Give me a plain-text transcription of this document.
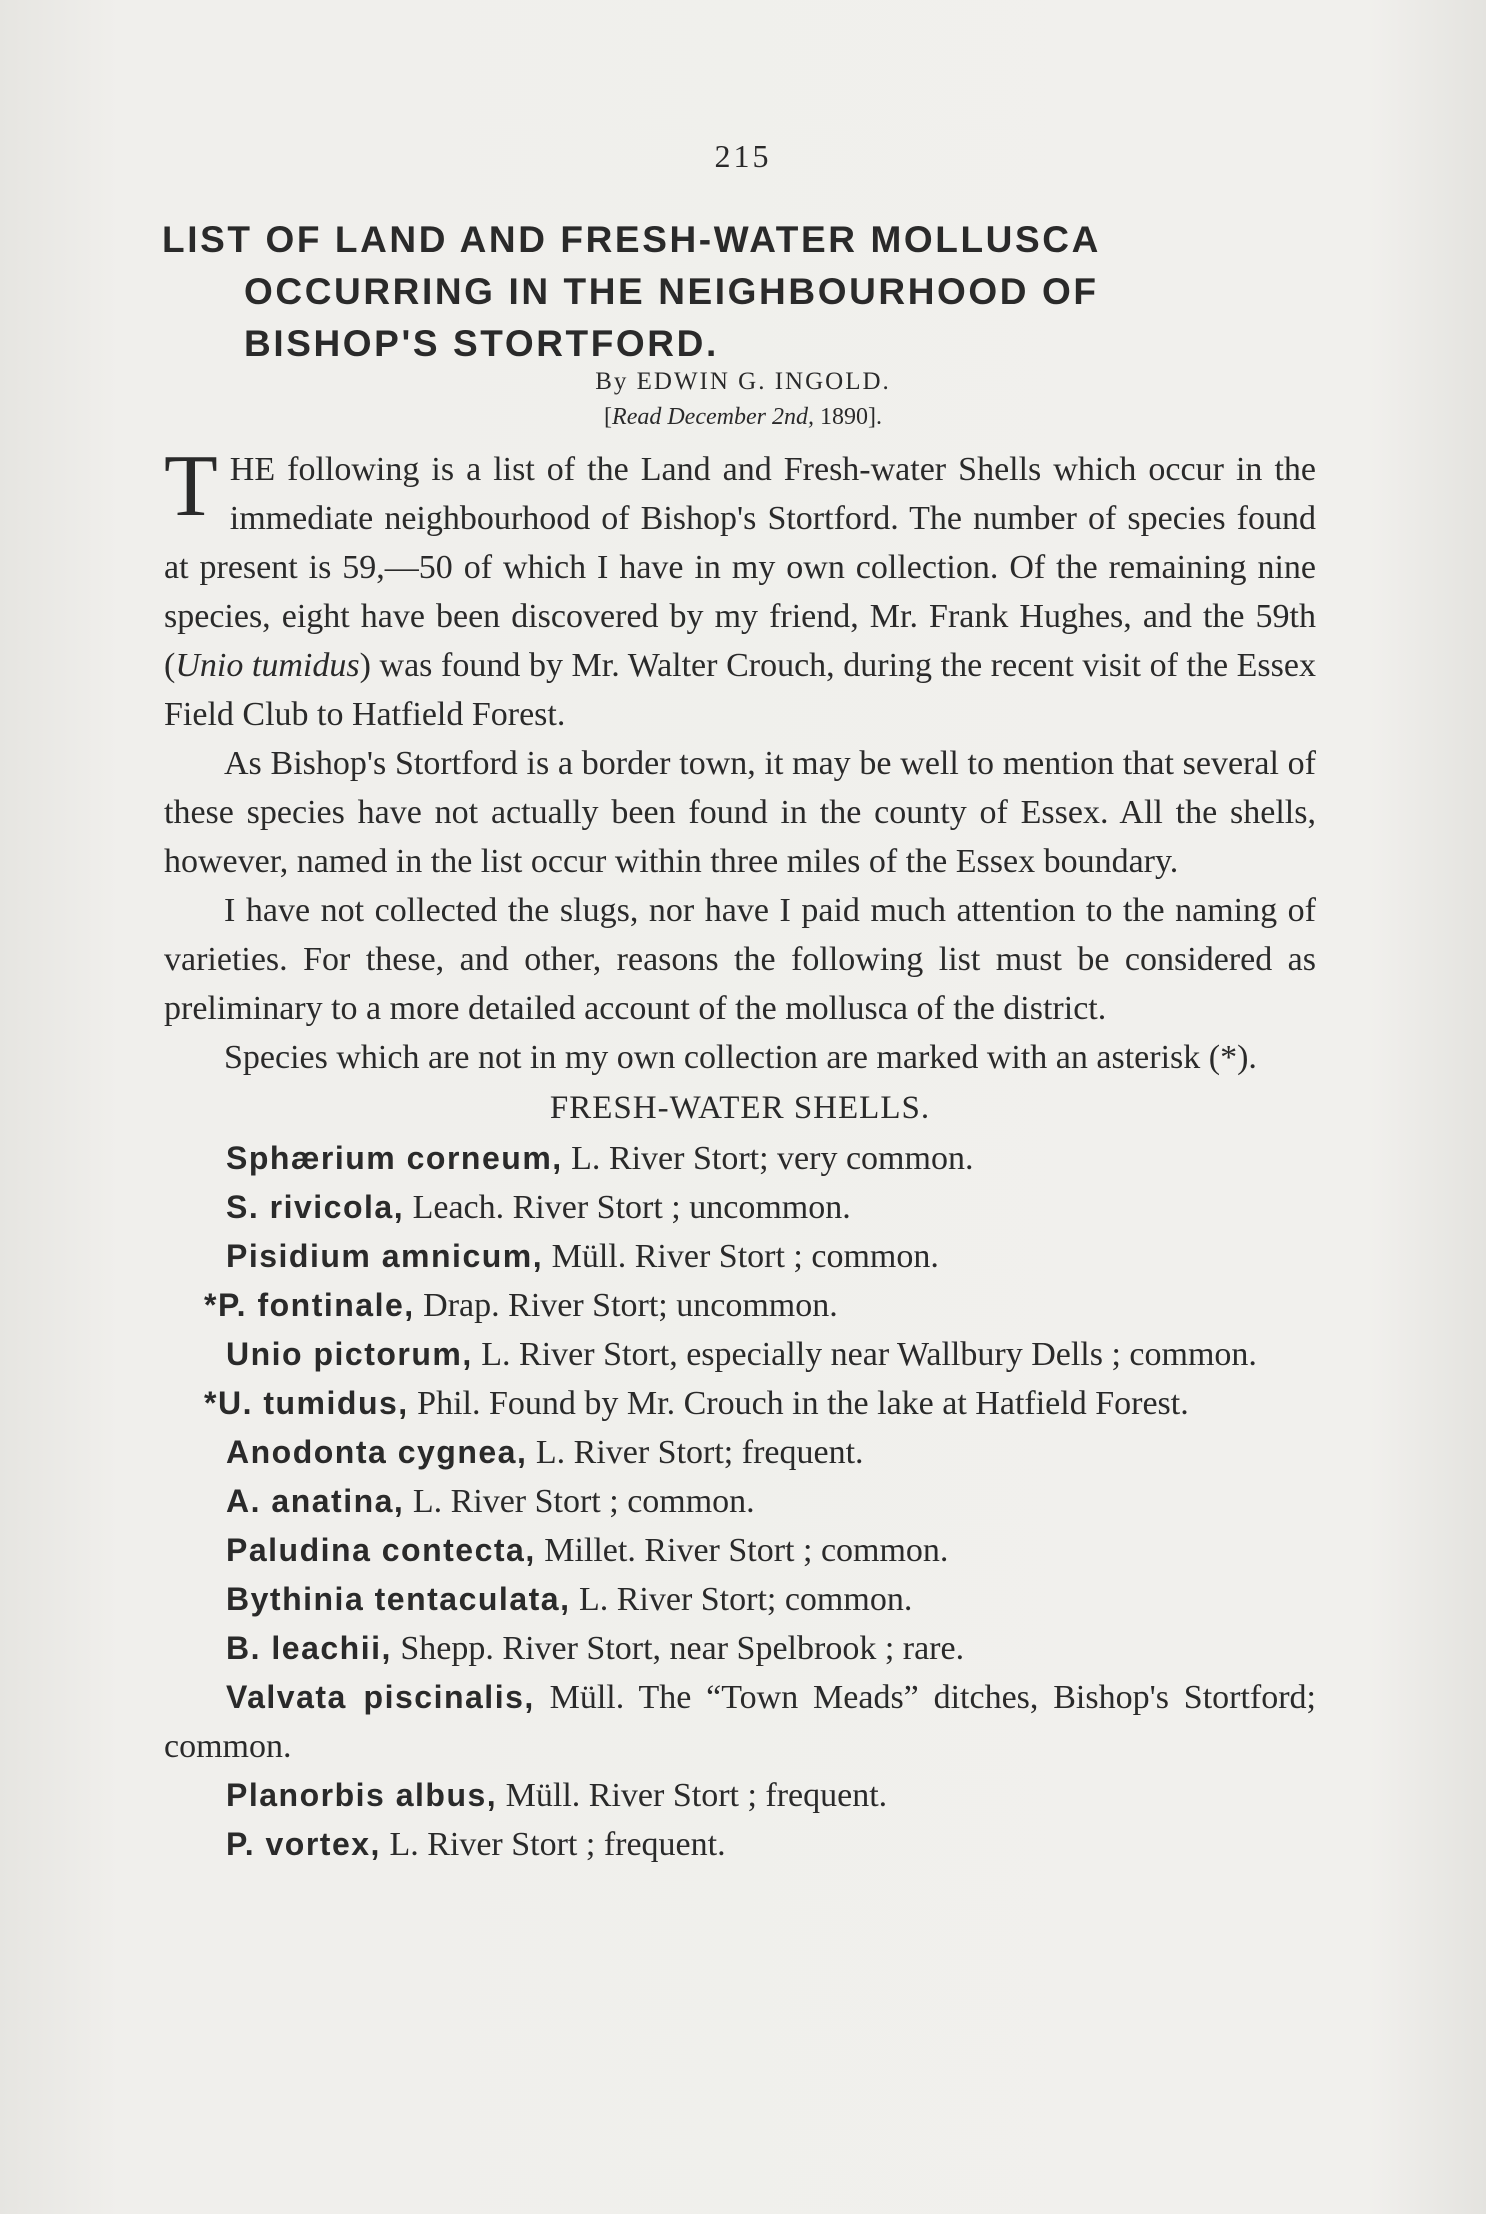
215
LIST OF LAND AND FRESH-WATER MOLLUSCA
OCCURRING IN THE NEIGHBOURHOOD OF
BISHOP'S STORTFORD.
By EDWIN G. INGOLD.
[Read December 2nd, 1890].

THE following is a list of the Land and Fresh-water Shells which occur in the immediate neighbourhood of Bishop's Stortford. The number of species found at present is 59,—50 of which I have in my own collection. Of the remaining nine species, eight have been discovered by my friend, Mr. Frank Hughes, and the 59th (Unio tumidus) was found by Mr. Walter Crouch, during the recent visit of the Essex Field Club to Hatfield Forest.

As Bishop's Stortford is a border town, it may be well to mention that several of these species have not actually been found in the county of Essex. All the shells, however, named in the list occur within three miles of the Essex boundary.

I have not collected the slugs, nor have I paid much attention to the naming of varieties. For these, and other, reasons the following list must be considered as preliminary to a more detailed account of the mollusca of the district.

Species which are not in my own collection are marked with an asterisk (*).

FRESH-WATER SHELLS.

Sphærium corneum, L. River Stort; very common.

S. rivicola, Leach. River Stort ; uncommon.

Pisidium amnicum, Müll. River Stort ; common.

*P. fontinale, Drap. River Stort; uncommon.

Unio pictorum, L. River Stort, especially near Wallbury Dells ; common.

*U. tumidus, Phil. Found by Mr. Crouch in the lake at Hatfield Forest.

Anodonta cygnea, L. River Stort; frequent.

A. anatina, L. River Stort ; common.

Paludina contecta, Millet. River Stort ; common.

Bythinia tentaculata, L. River Stort; common.

B. leachii, Shepp. River Stort, near Spelbrook ; rare.

Valvata piscinalis, Müll. The “Town Meads” ditches, Bishop's Stortford; common.

Planorbis albus, Müll. River Stort ; frequent.

P. vortex, L. River Stort ; frequent.
